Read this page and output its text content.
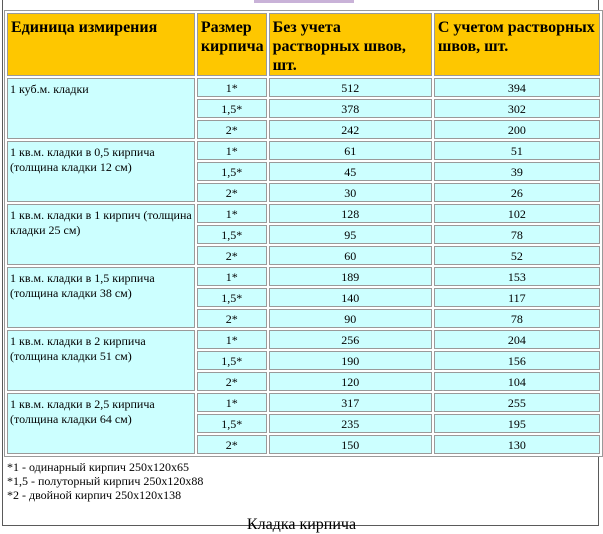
Единица измирения	Размер кирпича	Без учета растворных швов, шт.	С учетом растворных швов, шт.
1 куб.м. кладки	1*	512	394
	1,5*	378	302
	2*	242	200
1 кв.м. кладки в 0,5 кирпича (толщина кладки 12 см)	1*	61	51
	1,5*	45	39
	2*	30	26
1 кв.м. кладки в 1 кирпич (толщина кладки 25 см)	1*	128	102
	1,5*	95	78
	2*	60	52
1 кв.м. кладки в 1,5 кирпича (толщина кладки 38 см)	1*	189	153
	1,5*	140	117
	2*	90	78
1 кв.м. кладки в 2 кирпича (толщина кладки 51 см)	1*	256	204
	1,5*	190	156
	2*	120	104
1 кв.м. кладки в 2,5 кирпича (толщина кладки 64 см)	1*	317	255
	1,5*	235	195
	2*	150	130
*1 - одинарный кирпич 250х120х65
*1,5 - полуторный кирпич 250х120х88
*2 - двойной кирпич 250х120х138
Кладка кирпича
